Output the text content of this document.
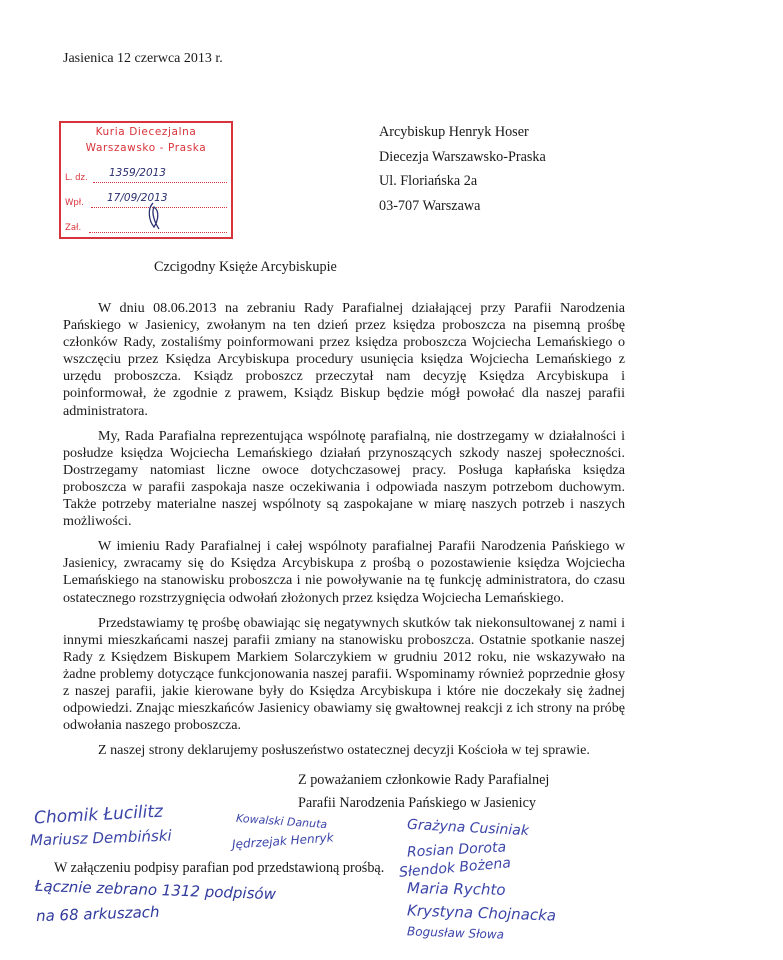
Jasienica 12 czerwca 2013 r.
Kuria Diecezjalna
Warszawsko - Praska
L. dz. 1359/2013
Wpł. 17/09/2013
Zał.
Arcybiskup Henryk Hoser
Diecezja Warszawsko-Praska
Ul. Floriańska 2a
03-707 Warszawa
Czcigodny Księże Arcybiskupie

W dniu 08.06.2013 na zebraniu Rady Parafialnej działającej przy Parafii Narodzenia Pańskiego w Jasienicy, zwołanym na ten dzień przez księdza proboszcza na pisemną prośbę członków Rady, zostaliśmy poinformowani przez księdza proboszcza Wojciecha Lemańskiego o wszczęciu przez Księdza Arcybiskupa procedury usunięcia księdza Wojciecha Lemańskiego z urzędu proboszcza. Ksiądz proboszcz przeczytał nam decyzję Księdza Arcybiskupa i poinformował, że zgodnie z prawem, Ksiądz Biskup będzie mógł powołać dla naszej parafii administratora.

My, Rada Parafialna reprezentująca wspólnotę parafialną, nie dostrzegamy w działalności i posłudze księdza Wojciecha Lemańskiego działań przynoszących szkody naszej społeczności. Dostrzegamy natomiast liczne owoce dotychczasowej pracy. Posługa kapłańska księdza proboszcza w parafii zaspokaja nasze oczekiwania i odpowiada naszym potrzebom duchowym. Także potrzeby materialne naszej wspólnoty są zaspokajane w miarę naszych potrzeb i naszych możliwości.

W imieniu Rady Parafialnej i całej wspólnoty parafialnej Parafii Narodzenia Pańskiego w Jasienicy, zwracamy się do Księdza Arcybiskupa z prośbą o pozostawienie księdza Wojciecha Lemańskiego na stanowisku proboszcza i nie powoływanie na tę funkcję administratora, do czasu ostatecznego rozstrzygnięcia odwołań złożonych przez księdza Wojciecha Lemańskiego.

Przedstawiamy tę prośbę obawiając się negatywnych skutków tak niekonsultowanej z nami i innymi mieszkańcami naszej parafii zmiany na stanowisku proboszcza. Ostatnie spotkanie naszej Rady z Księdzem Biskupem Markiem Solarczykiem w grudniu 2012 roku, nie wskazywało na żadne problemy dotyczące funkcjonowania naszej parafii. Wspominamy również poprzednie głosy z naszej parafii, jakie kierowane były do Księdza Arcybiskupa i które nie doczekały się żadnej odpowiedzi. Znając mieszkańców Jasienicy obawiamy się gwałtownej reakcji z ich strony na próbę odwołania naszego proboszcza.

Z naszej strony deklarujemy posłuszeństwo ostatecznej decyzji Kościoła w tej sprawie.

Z poważaniem członkowie Rady Parafialnej
Parafii Narodzenia Pańskiego w Jasienicy
W załączeniu podpisy parafian pod przedstawioną prośbą.
Chomik Łucilitz
Mariusz Dembiński
Kowalski Danuta
Jędrzejak Henryk
Grażyna Cusiniak
Rosian Dorota
Słendok Bożena
Maria Rychto
Krystyna Chojnacka
Bogusław Słowa
Łącznie zebrano 1312 podpisów
na 68 arkuszach
